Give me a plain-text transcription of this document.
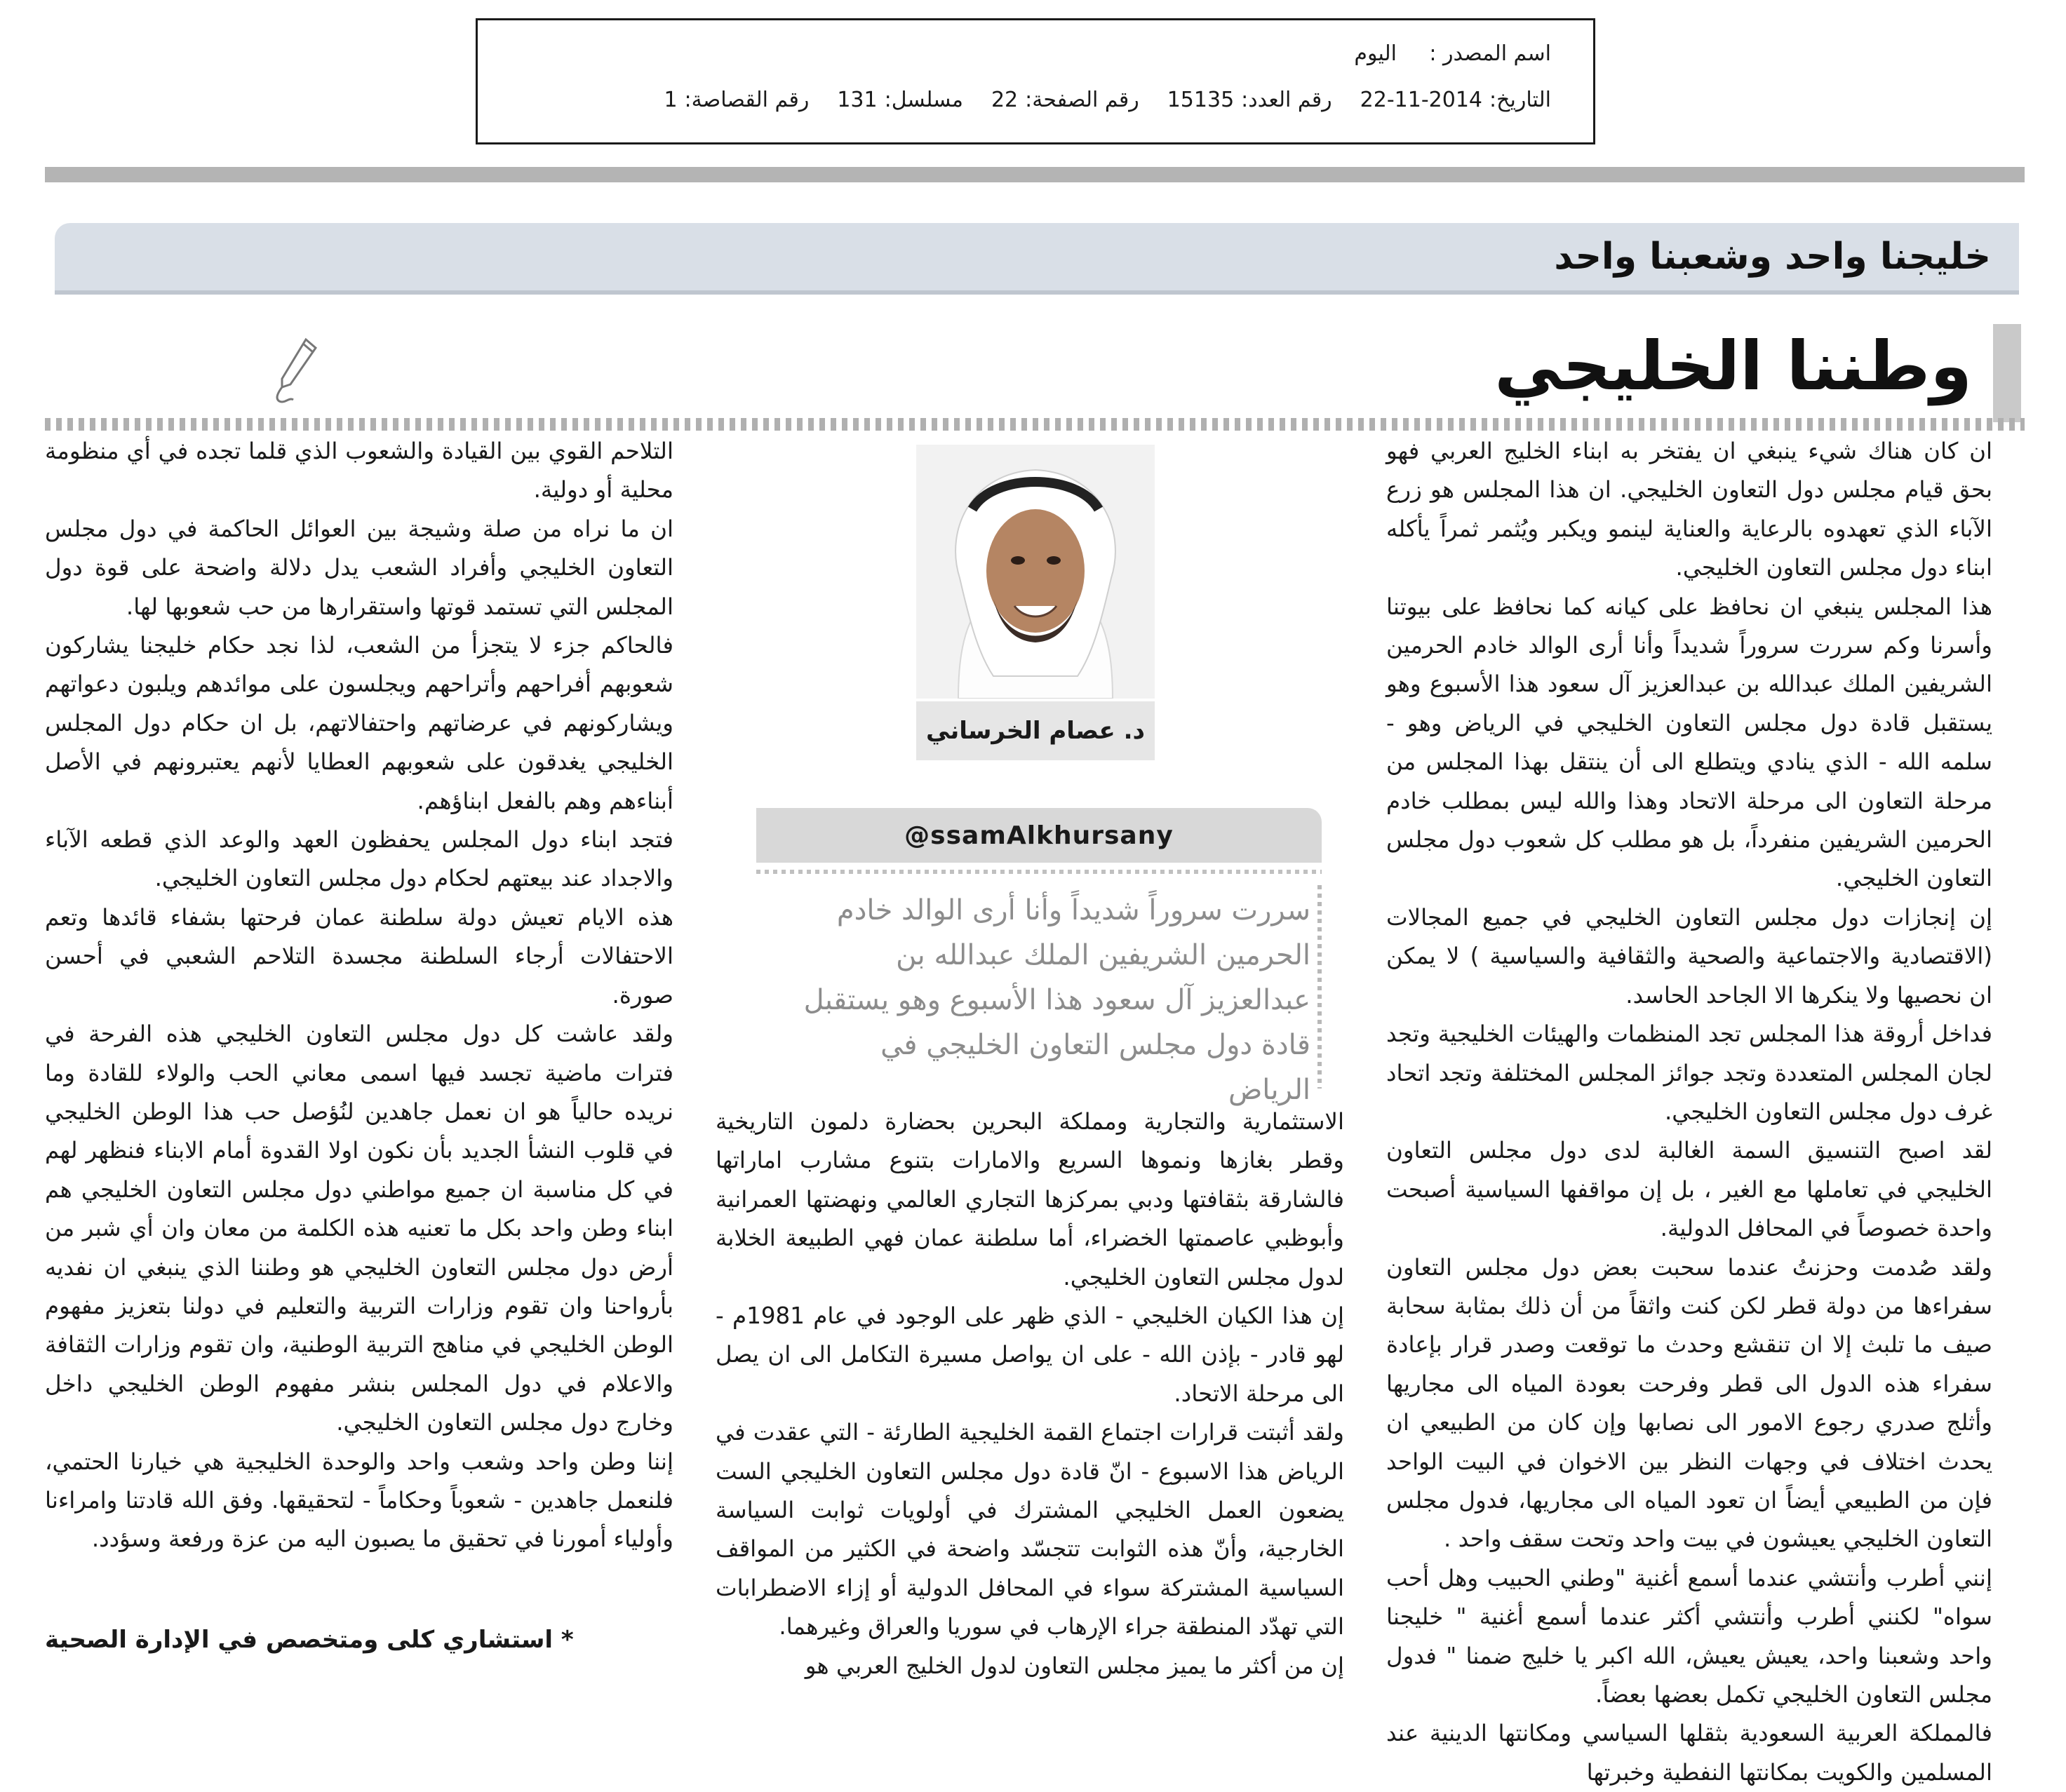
اسم المصدر :
اليوم
التاريخ:
22-11-2014
رقم العدد:
15135
رقم الصفحة:
22
مسلسل:
131
رقم القصاصة:
1
خليجنا واحد وشعبنا واحد
وطننا الخليجي

ان كان هناك شيء ينبغي ان يفتخر به ابناء الخليج العربي فهو بحق قيام مجلس دول التعاون الخليجي. ان هذا المجلس هو زرع الآباء الذي تعهدوه بالرعاية والعناية لينمو ويكبر ويُثمر ثمراً يأكله ابناء دول مجلس التعاون الخليجي.

هذا المجلس ينبغي ان نحافظ على كيانه كما نحافظ على بيوتنا وأسرنا وكم سررت سروراً شديداً وأنا أرى الوالد خادم الحرمين الشريفين الملك عبدالله بن عبدالعزيز آل سعود هذا الأسبوع وهو يستقبل قادة دول مجلس التعاون الخليجي في الرياض وهو - سلمه الله - الذي ينادي ويتطلع الى أن ينتقل بهذا المجلس من مرحلة التعاون الى مرحلة الاتحاد وهذا والله ليس بمطلب خادم الحرمين الشريفين منفرداً، بل هو مطلب كل شعوب دول مجلس التعاون الخليجي.

إن إنجازات دول مجلس التعاون الخليجي في جميع المجالات (الاقتصادية والاجتماعية والصحية والثقافية والسياسية ) لا يمكن ان نحصيها ولا ينكرها الا الجاحد الحاسد.

فداخل أروقة هذا المجلس تجد المنظمات والهيئات الخليجية وتجد لجان المجلس المتعددة وتجد جوائز المجلس المختلفة وتجد اتحاد غرف دول مجلس التعاون الخليجي.

لقد اصبح التنسيق السمة الغالبة لدى دول مجلس التعاون الخليجي في تعاملها مع الغير ، بل إن مواقفها السياسية أصبحت واحدة خصوصاً في المحافل الدولية.

ولقد صُدمت وحزنتُ عندما سحبت بعض دول مجلس التعاون سفراءها من دولة قطر لكن كنت واثقاً من أن ذلك بمثابة سحابة صيف ما تلبث إلا ان تنقشع وحدث ما توقعت وصدر قرار بإعادة سفراء هذه الدول الى قطر وفرحت بعودة المياه الى مجاريها وأثلج صدري رجوع الامور الى نصابها وإن كان من الطبيعي ان يحدث اختلاف في وجهات النظر بين الاخوان في البيت الواحد فإن من الطبيعي أيضاً ان تعود المياه الى مجاريها، فدول مجلس التعاون الخليجي يعيشون في بيت واحد وتحت سقف واحد .

إنني أطرب وأنتشي عندما أسمع أغنية "وطني الحبيب وهل أحب سواه" لكنني أطرب وأنتشي أكثر عندما أسمع أغنية " خليجنا واحد وشعبنا واحد، يعيش يعيش، الله اكبر يا خليج ضمنا " فدول مجلس التعاون الخليجي تكمل بعضها بعضاً.

فالمملكة العربية السعودية بثقلها السياسي ومكانتها الدينية عند المسلمين والكويت بمكانتها النفطية وخبرتها

د. عصام الخرساني
@ssamAlkhursany
سررت سروراً شديداً وأنا أرى الوالد خادم الحرمين الشريفين الملك عبدالله بن عبدالعزيز آل سعود هذا الأسبوع وهو يستقبل قادة دول مجلس التعاون الخليجي في الرياض

الاستثمارية والتجارية ومملكة البحرين بحضارة دلمون التاريخية وقطر بغازها ونموها السريع والامارات بتنوع مشارب اماراتها فالشارقة بثقافتها ودبي بمركزها التجاري العالمي ونهضتها العمرانية وأبوظبي عاصمتها الخضراء، أما سلطنة عمان فهي الطبيعة الخلابة لدول مجلس التعاون الخليجي.

إن هذا الكيان الخليجي - الذي ظهر على الوجود في عام 1981م - لهو قادر - بإذن الله - على ان يواصل مسيرة التكامل الى ان يصل الى مرحلة الاتحاد.

ولقد أثبتت قرارات اجتماع القمة الخليجية الطارئة - التي عقدت في الرياض هذا الاسبوع - انّ قادة دول مجلس التعاون الخليجي الست يضعون العمل الخليجي المشترك في أولويات ثوابت السياسة الخارجية، وأنّ هذه الثوابت تتجسّد واضحة في الكثير من المواقف السياسية المشتركة سواء في المحافل الدولية أو إزاء الاضطرابات التي تهدّد المنطقة جراء الإرهاب في سوريا والعراق وغيرهما.

إن من أكثر ما يميز مجلس التعاون لدول الخليج العربي هو

التلاحم القوي بين القيادة والشعوب الذي قلما تجده في أي منظومة محلية أو دولية.

ان ما نراه من صلة وشيجة بين العوائل الحاكمة في دول مجلس التعاون الخليجي وأفراد الشعب يدل دلالة واضحة على قوة دول المجلس التي تستمد قوتها واستقرارها من حب شعوبها لها.

فالحاكم جزء لا يتجزأ من الشعب، لذا نجد حكام خليجنا يشاركون شعوبهم أفراحهم وأتراحهم ويجلسون على موائدهم ويلبون دعواتهم ويشاركونهم في عرضاتهم واحتفالاتهم، بل ان حكام دول المجلس الخليجي يغدقون على شعوبهم العطايا لأنهم يعتبرونهم في الأصل أبناءهم وهم بالفعل ابناؤهم.

فتجد ابناء دول المجلس يحفظون العهد والوعد الذي قطعه الآباء والاجداد عند بيعتهم لحكام دول مجلس التعاون الخليجي.

هذه الايام تعيش دولة سلطنة عمان فرحتها بشفاء قائدها وتعم الاحتفالات أرجاء السلطنة مجسدة التلاحم الشعبي في أحسن صورة.

ولقد عاشت كل دول مجلس التعاون الخليجي هذه الفرحة في فترات ماضية تجسد فيها اسمى معاني الحب والولاء للقادة وما نريده حالياً هو ان نعمل جاهدين لنُؤصل حب هذا الوطن الخليجي في قلوب النشأ الجديد بأن نكون اولا القدوة أمام الابناء فنظهر لهم في كل مناسبة ان جميع مواطني دول مجلس التعاون الخليجي هم ابناء وطن واحد بكل ما تعنيه هذه الكلمة من معان وان أي شبر من أرض دول مجلس التعاون الخليجي هو وطننا الذي ينبغي ان نفديه بأرواحنا وان تقوم وزارات التربية والتعليم في دولنا بتعزيز مفهوم الوطن الخليجي في مناهج التربية الوطنية، وان تقوم وزارات الثقافة والاعلام في دول المجلس بنشر مفهوم الوطن الخليجي داخل وخارج دول مجلس التعاون الخليجي.

إننا وطن واحد وشعب واحد والوحدة الخليجية هي خيارنا الحتمي، فلنعمل جاهدين - شعوباً وحكاماً - لتحقيقها. وفق الله قادتنا وامراءنا وأولياء أمورنا في تحقيق ما يصبون اليه من عزة ورفعة وسؤدد.

* استشاري كلى ومتخصص في الإدارة الصحية
